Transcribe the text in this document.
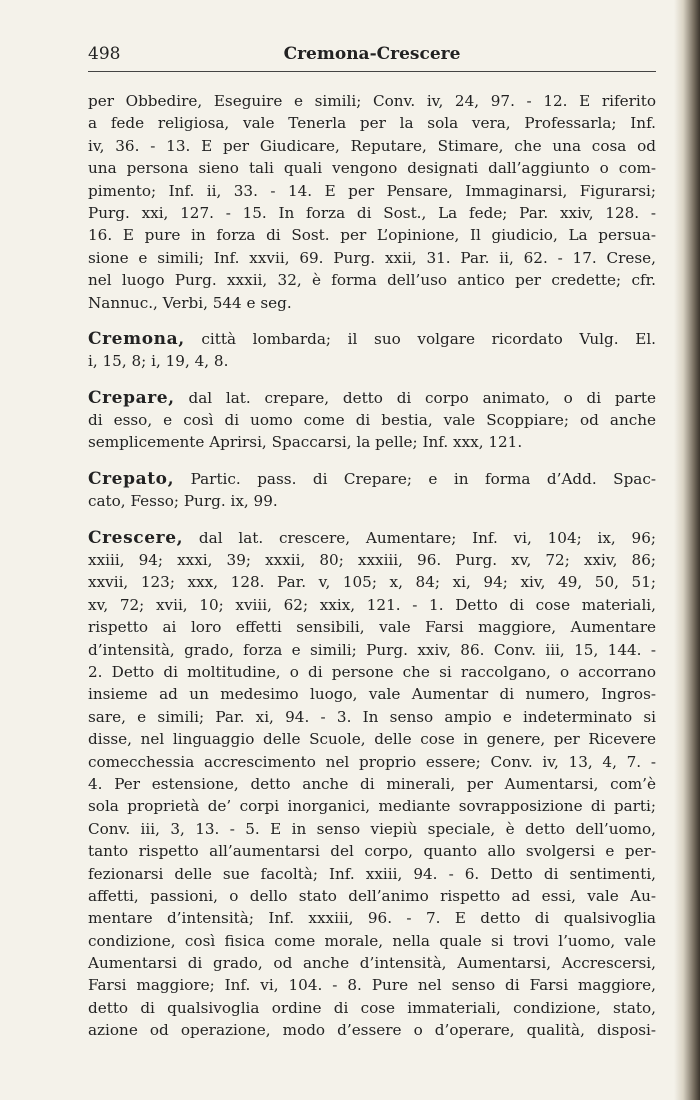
498	Cremona-Crescere
per Obbedire, Eseguire e simili; Conv. iv, 24, 97. - 12. E riferito
a fede religiosa, vale Tenerla per la sola vera, Professarla; Inf.
iv, 36. - 13. E per Giudicare, Reputare, Stimare, che una cosa od
una persona sieno tali quali vengono designati dall’aggiunto o com-
pimento; Inf. ii, 33. - 14. E per Pensare, Immaginarsi, Figurarsi;
Purg. xxi, 127. - 15. In forza di Sost., La fede; Par. xxiv, 128. -
16. E pure in forza di Sost. per L’opinione, Il giudicio, La persua-
sione e simili; Inf. xxvii, 69. Purg. xxii, 31. Par. ii, 62. - 17. Crese,
nel luogo Purg. xxxii, 32, è forma dell’uso antico per credette; cfr.
Nannuc., Verbi, 544 e seg.
Cremona, città lombarda; il suo volgare ricordato Vulg. El.
i, 15, 8; i, 19, 4, 8.
Crepare, dal lat. crepare, detto di corpo animato, o di parte
di esso, e così di uomo come di bestia, vale Scoppiare; od anche
semplicemente Aprirsi, Spaccarsi, la pelle; Inf. xxx, 121.
Crepato, Partic. pass. di Crepare; e in forma d’Add. Spac-
cato, Fesso; Purg. ix, 99.
Crescere, dal lat. crescere, Aumentare; Inf. vi, 104; ix, 96;
xxiii, 94; xxxi, 39; xxxii, 80; xxxiii, 96. Purg. xv, 72; xxiv, 86;
xxvii, 123; xxx, 128. Par. v, 105; x, 84; xi, 94; xiv, 49, 50, 51;
xv, 72; xvii, 10; xviii, 62; xxix, 121. - 1. Detto di cose materiali,
rispetto ai loro effetti sensibili, vale Farsi maggiore, Aumentare
d’intensità, grado, forza e simili; Purg. xxiv, 86. Conv. iii, 15, 144. -
2. Detto di moltitudine, o di persone che si raccolgano, o accorrano
insieme ad un medesimo luogo, vale Aumentar di numero, Ingros-
sare, e simili; Par. xi, 94. - 3. In senso ampio e indeterminato si
disse, nel linguaggio delle Scuole, delle cose in genere, per Ricevere
comecchessia accrescimento nel proprio essere; Conv. iv, 13, 4, 7. -
4. Per estensione, detto anche di minerali, per Aumentarsi, com’è
sola proprietà de’ corpi inorganici, mediante sovrapposizione di parti;
Conv. iii, 3, 13. - 5. E in senso viepiù speciale, è detto dell’uomo,
tanto rispetto all’aumentarsi del corpo, quanto allo svolgersi e per-
fezionarsi delle sue facoltà; Inf. xxiii, 94. - 6. Detto di sentimenti,
affetti, passioni, o dello stato dell’animo rispetto ad essi, vale Au-
mentare d’intensità; Inf. xxxiii, 96. - 7. E detto di qualsivoglia
condizione, così fisica come morale, nella quale si trovi l’uomo, vale
Aumentarsi di grado, od anche d’intensità, Aumentarsi, Accrescersi,
Farsi maggiore; Inf. vi, 104. - 8. Pure nel senso di Farsi maggiore,
detto di qualsivoglia ordine di cose immateriali, condizione, stato,
azione od operazione, modo d’essere o d’operare, qualità, disposi-
